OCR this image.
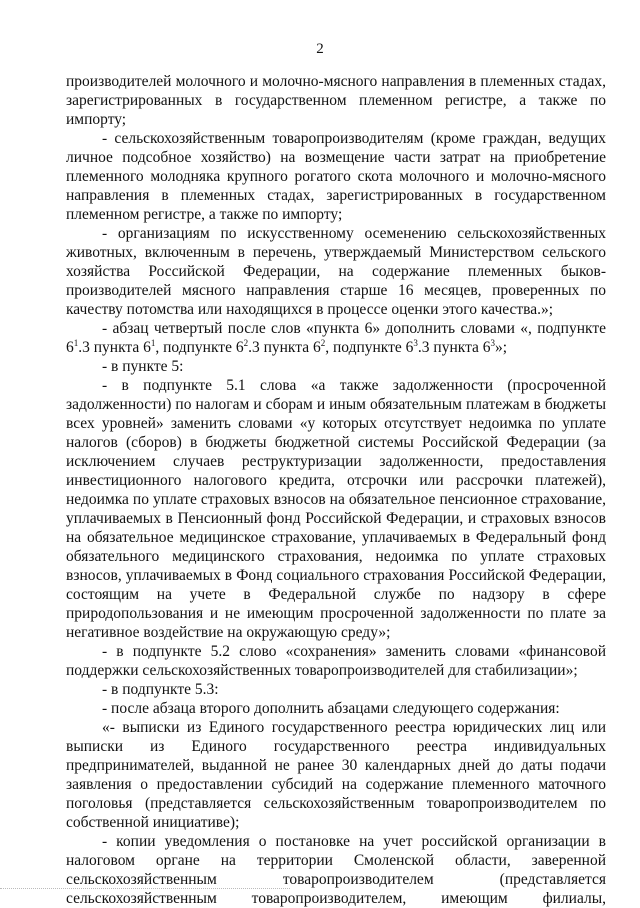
2

производителей молочного и молочно-мясного направления в племенных стадах, зарегистрированных в государственном племенном регистре, а также по импорту;

- сельскохозяйственным товаропроизводителям (кроме граждан, ведущих личное подсобное хозяйство) на возмещение части затрат на приобретение племенного молодняка крупного рогатого скота молочного и молочно-мясного направления в племенных стадах, зарегистрированных в государственном племенном регистре, а также по импорту;

- организациям по искусственному осеменению сельскохозяйственных животных, включенным в перечень, утверждаемый Министерством сельского хозяйства Российской Федерации, на содержание племенных быков-производителей мясного направления старше 16 месяцев, проверенных по качеству потомства или находящихся в процессе оценки этого качества.»;

- абзац четвертый после слов «пункта 6» дополнить словами «, подпункте $6^1.3$ пункта $6^1$, подпункте $6^2.3$ пункта $6^2$, подпункте $6^3.3$ пункта $6^3$»;

- в пункте 5:

- в подпункте 5.1 слова «а также задолженности (просроченной задолженности) по налогам и сборам и иным обязательным платежам в бюджеты всех уровней» заменить словами «у которых отсутствует недоимка по уплате налогов (сборов) в бюджеты бюджетной системы Российской Федерации (за исключением случаев реструктуризации задолженности, предоставления инвестиционного налогового кредита, отсрочки или рассрочки платежей), недоимка по уплате страховых взносов на обязательное пенсионное страхование, уплачиваемых в Пенсионный фонд Российской Федерации, и страховых взносов на обязательное медицинское страхование, уплачиваемых в Федеральный фонд обязательного медицинского страхования, недоимка по уплате страховых взносов, уплачиваемых в Фонд социального страхования Российской Федерации, состоящим на учете в Федеральной службе по надзору в сфере природопользования и не имеющим просроченной задолженности по плате за негативное воздействие на окружающую среду»;

- в подпункте 5.2 слово «сохранения» заменить словами «финансовой поддержки сельскохозяйственных товаропроизводителей для стабилизации»;

- в подпункте 5.3:

- после абзаца второго дополнить абзацами следующего содержания:

«- выписки из Единого государственного реестра юридических лиц или выписки из Единого государственного реестра индивидуальных предпринимателей, выданной не ранее 30 календарных дней до даты подачи заявления о предоставлении субсидий на содержание племенного маточного поголовья (представляется сельскохозяйственным товаропроизводителем по собственной инициативе);

- копии уведомления о постановке на учет российской организации в налоговом органе на территории Смоленской области, заверенной сельскохозяйственным товаропроизводителем (представляется сельскохозяйственным товаропроизводителем, имеющим филиалы,
